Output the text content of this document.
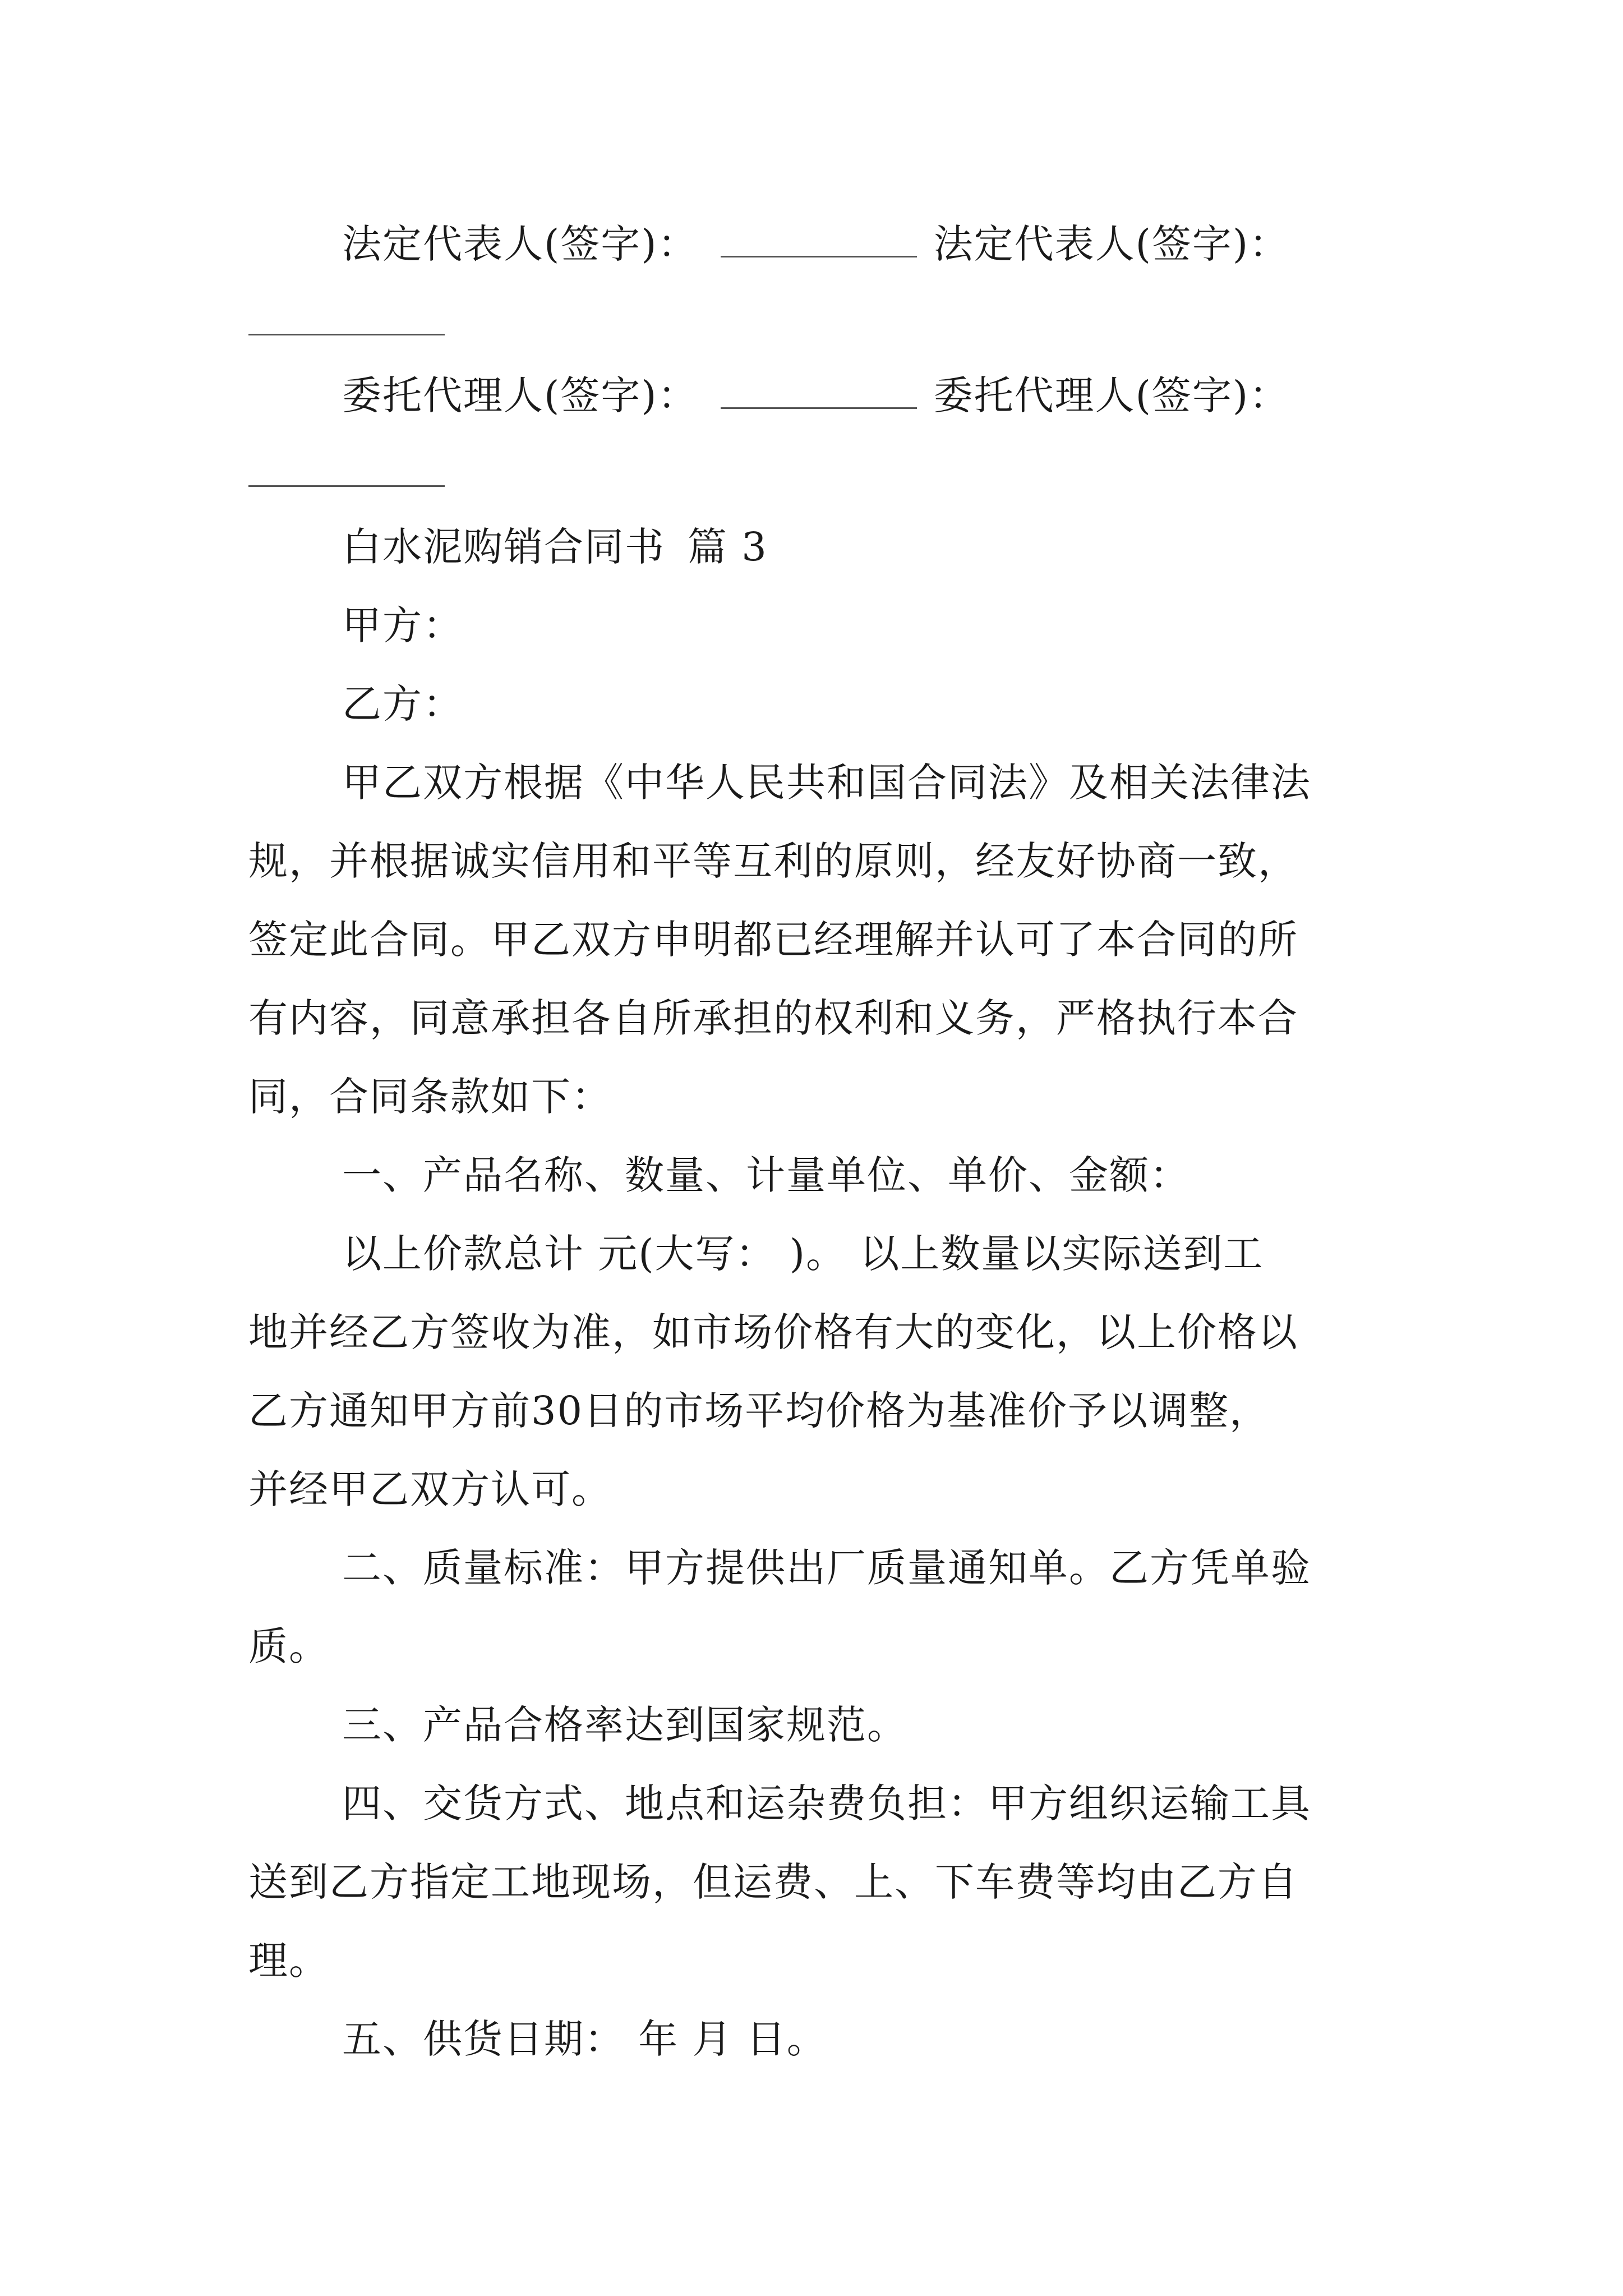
法定代表人(签字)：	法定代表人(签字)：
委托代理人(签字)：	委托代理人(签字)：
白水泥购销合同书 篇 3
甲方：
乙方：
甲乙双方根据《中华人民共和国合同法》及相关法律法
规，并根据诚实信用和平等互利的原则，经友好协商一致，
签定此合同。甲乙双方申明都已经理解并认可了本合同的所
有内容，同意承担各自所承担的权利和义务，严格执行本合
同，合同条款如下：
一、产品名称、数量、计量单位、单价、金额：
以上价款总计 元(大写： )。 以上数量以实际送到工
地并经乙方签收为准，如市场价格有大的变化，以上价格以
乙方通知甲方前30日的市场平均价格为基准价予以调整，
并经甲乙双方认可。
二、质量标准：甲方提供出厂质量通知单。乙方凭单验
质。
三、产品合格率达到国家规范。
四、交货方式、地点和运杂费负担：甲方组织运输工具
送到乙方指定工地现场，但运费、上、下车费等均由乙方自
理。
五、供货日期： 年 月 日。
